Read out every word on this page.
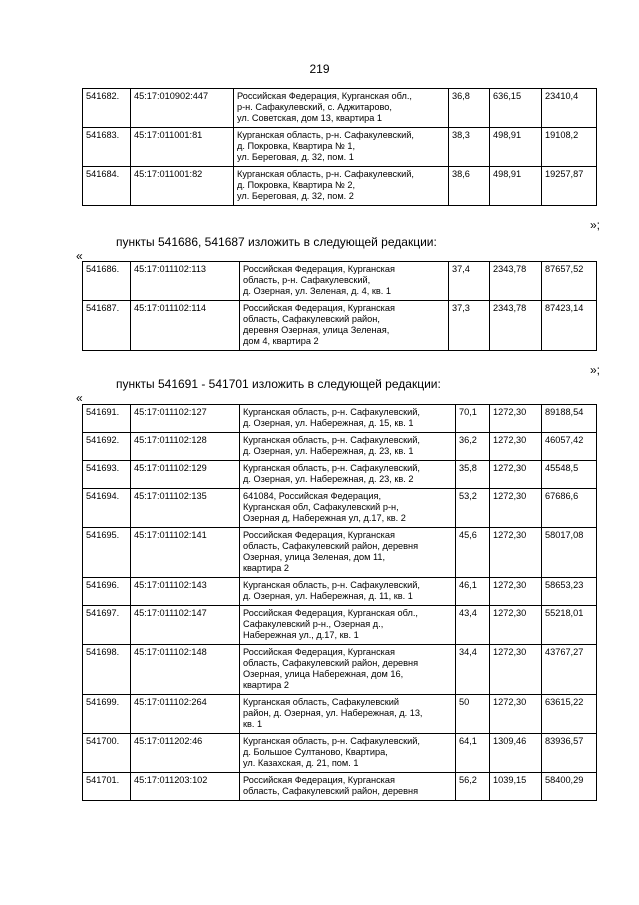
219
541682.	45:17:010902:447	Российская Федерация, Курганская обл.,
р-н. Сафакулевский, с. Аджитарово,
ул. Советская, дом 13, квартира 1	36,8	636,15	23410,4
541683.	45:17:011001:81	Курганская область, р-н. Сафакулевский,
д. Покровка, Квартира № 1,
ул. Береговая, д. 32, пом. 1	38,3	498,91	19108,2
541684.	45:17:011001:82	Курганская область, р-н. Сафакулевский,
д. Покровка, Квартира № 2,
ул. Береговая, д. 32, пом. 2	38,6	498,91	19257,87
»;
пункты 541686, 541687 изложить в следующей редакции:
«
541686.	45:17:011102:113	Российская Федерация, Курганская
область, р-н. Сафакулевский,
д. Озерная, ул. Зеленая, д. 4, кв. 1	37,4	2343,78	87657,52
541687.	45:17:011102:114	Российская Федерация, Курганская
область, Сафакулевский район,
деревня Озерная, улица Зеленая,
дом 4, квартира 2	37,3	2343,78	87423,14
»;
пункты 541691 - 541701 изложить в следующей редакции:
«
541691.	45:17:011102:127	Курганская область, р-н. Сафакулевский,
д. Озерная, ул. Набережная, д. 15, кв. 1	70,1	1272,30	89188,54
541692.	45:17:011102:128	Курганская область, р-н. Сафакулевский,
д. Озерная, ул. Набережная, д. 23, кв. 1	36,2	1272,30	46057,42
541693.	45:17:011102:129	Курганская область, р-н. Сафакулевский,
д. Озерная, ул. Набережная, д. 23, кв. 2	35,8	1272,30	45548,5
541694.	45:17:011102:135	641084, Российская Федерация,
Курганская обл, Сафакулевский р-н,
Озерная д, Набережная ул, д.17, кв. 2	53,2	1272,30	67686,6
541695.	45:17:011102:141	Российская Федерация, Курганская
область, Сафакулевский район, деревня
Озерная, улица Зеленая, дом 11,
квартира 2	45,6	1272,30	58017,08
541696.	45:17:011102:143	Курганская область, р-н. Сафакулевский,
д. Озерная, ул. Набережная, д. 11, кв. 1	46,1	1272,30	58653,23
541697.	45:17:011102:147	Российская Федерация, Курганская обл.,
Сафакулевский р-н., Озерная д.,
Набережная ул., д.17, кв. 1	43,4	1272,30	55218,01
541698.	45:17:011102:148	Российская Федерация, Курганская
область, Сафакулевский район, деревня
Озерная, улица Набережная, дом 16,
квартира 2	34,4	1272,30	43767,27
541699.	45:17:011102:264	Курганская область, Сафакулевский
район, д. Озерная, ул. Набережная, д. 13,
кв. 1	50	1272,30	63615,22
541700.	45:17:011202:46	Курганская область, р-н. Сафакулевский,
д. Большое Султаново, Квартира,
ул. Казахская, д. 21, пом. 1	64,1	1309,46	83936,57
541701.	45:17:011203:102	Российская Федерация, Курганская
область, Сафакулевский район, деревня	56,2	1039,15	58400,29
